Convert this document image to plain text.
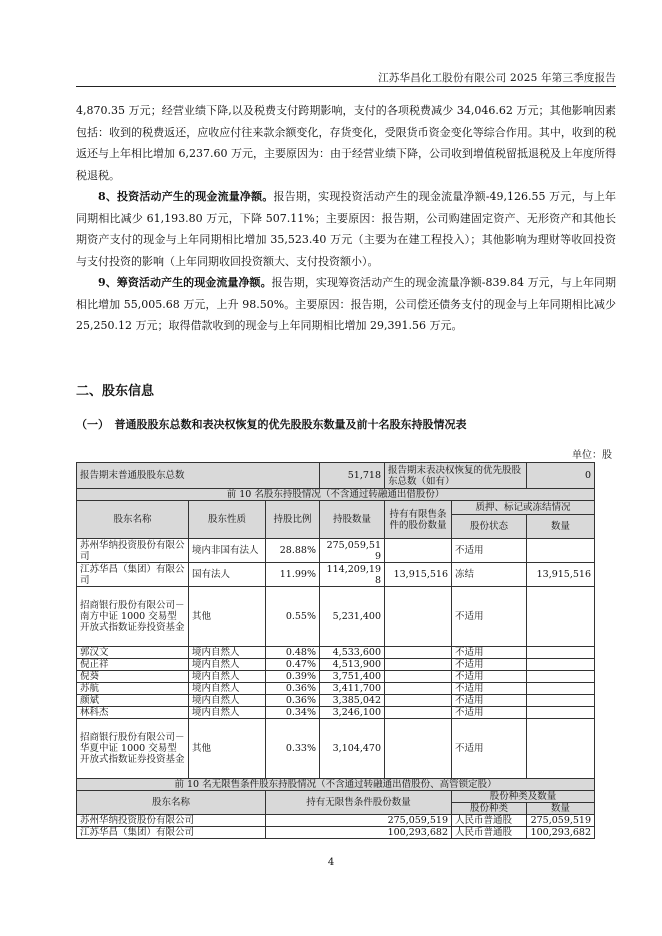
江苏华昌化工股份有限公司 2025 年第三季度报告

4,870.35 万元；经营业绩下降,以及税费支付跨期影响，支付的各项税费减少 34,046.62 万元；其他影响因素包括：收到的税费返还，应收应付往来款余额变化，存货变化，受限货币资金变化等综合作用。其中，收到的税返还与上年相比增加 6,237.60 万元，主要原因为：由于经营业绩下降，公司收到增值税留抵退税及上年度所得税退税。

8、投资活动产生的现金流量净额。报告期，实现投资活动产生的现金流量净额-49,126.55 万元，与上年同期相比减少 61,193.80 万元，下降 507.11%；主要原因：报告期，公司购建固定资产、无形资产和其他长期资产支付的现金与上年同期相比增加 35,523.40 万元（主要为在建工程投入）；其他影响为理财等收回投资与支付投资的影响（上年同期收回投资额大、支付投资额小）。

9、筹资活动产生的现金流量净额。报告期，实现筹资活动产生的现金流量净额-839.84 万元，与上年同期相比增加 55,005.68 万元，上升 98.50%。主要原因：报告期，公司偿还债务支付的现金与上年同期相比减少 25,250.12 万元；取得借款收到的现金与上年同期相比增加 29,391.56 万元。

二、股东信息
（一）　普通股股东总数和表决权恢复的优先股股东数量及前十名股东持股情况表
单位：股
报告期末普通股股东总数			51,718	报告期末表决权恢复的优先股股东总数（如有）		0
前 10 名股东持股情况（不含通过转融通出借股份）						
股东名称	股东性质	持股比例	持股数量	持有有限售条件的股份数量	质押、标记或冻结情况	
					股份状态	数量
苏州华纳投资股份有限公司	境内非国有法人	28.88%	275,059,519		不适用	
江苏华昌（集团）有限公司	国有法人	11.99%	114,209,198	13,915,516	冻结	13,915,516
招商银行股份有限公司－南方中证 1000 交易型开放式指数证券投资基金	其他	0.55%	5,231,400		不适用	
郭汉文	境内自然人	0.48%	4,533,600		不适用	
倪正祥	境内自然人	0.47%	4,513,900		不适用	
倪葵	境内自然人	0.39%	3,751,400		不适用	
苏航	境内自然人	0.36%	3,411,700		不适用	
颜斌	境内自然人	0.36%	3,385,042		不适用	
林科杰	境内自然人	0.34%	3,246,100		不适用	
招商银行股份有限公司－华夏中证 1000 交易型开放式指数证券投资基金	其他	0.33%	3,104,470		不适用	
前 10 名无限售条件股东持股情况（不含通过转融通出借股份、高管锁定股）						
股东名称		持有无限售条件股份数量			股份种类及数量	
					股份种类	数量
苏州华纳投资股份有限公司		275,059,519			人民币普通股	275,059,519
江苏华昌（集团）有限公司		100,293,682			人民币普通股	100,293,682
4
